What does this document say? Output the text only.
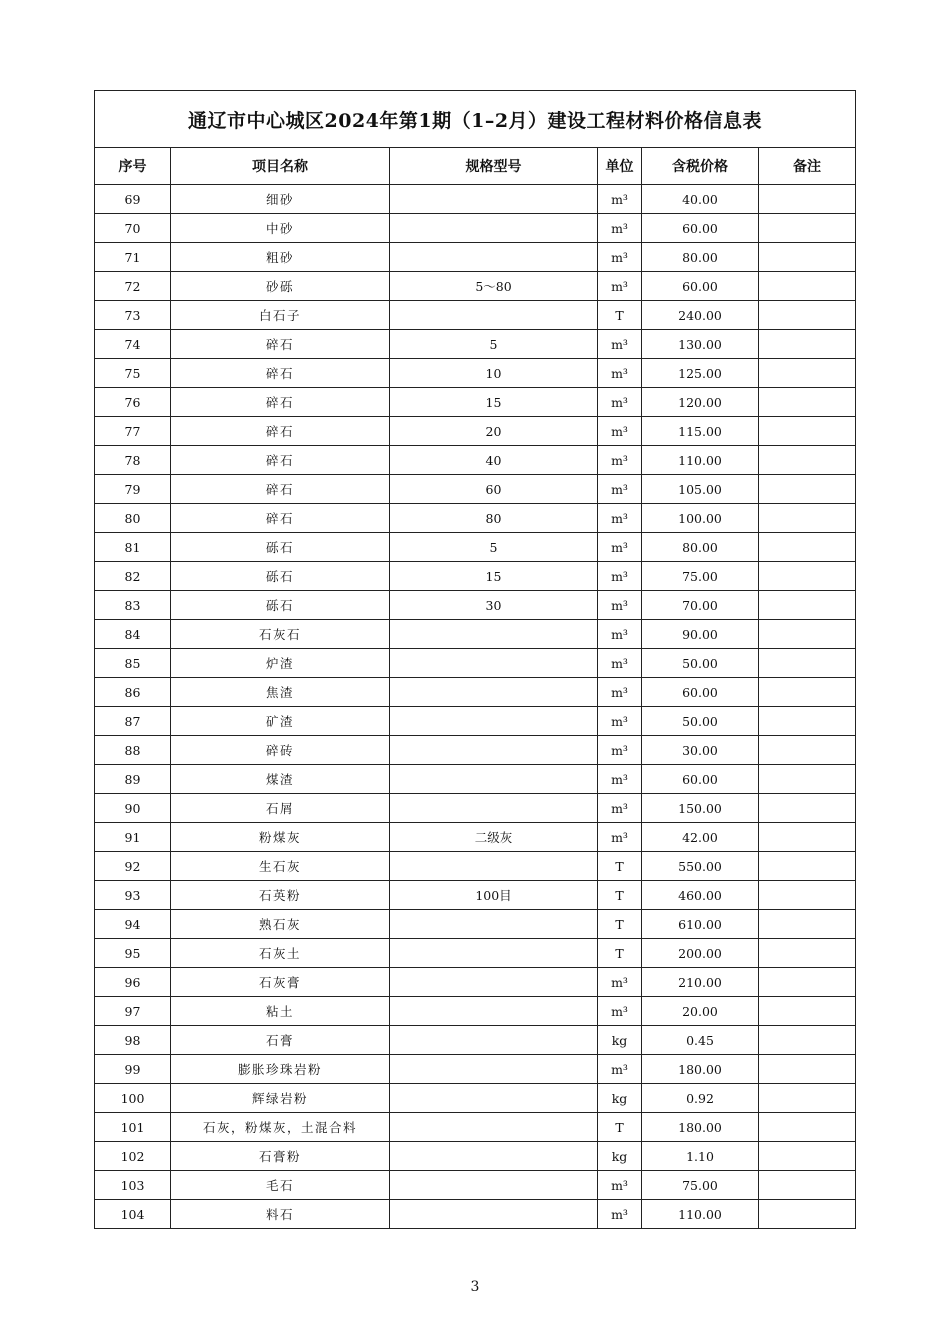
通辽市中心城区2024年第1期（1–2月）建设工程材料价格信息表					
序号	项目名称	规格型号	单位	含税价格	备注
69	细砂		m³	40.00	
70	中砂		m³	60.00	
71	粗砂		m³	80.00	
72	砂砾	5～80	m³	60.00	
73	白石子		T	240.00	
74	碎石	5	m³	130.00	
75	碎石	10	m³	125.00	
76	碎石	15	m³	120.00	
77	碎石	20	m³	115.00	
78	碎石	40	m³	110.00	
79	碎石	60	m³	105.00	
80	碎石	80	m³	100.00	
81	砾石	5	m³	80.00	
82	砾石	15	m³	75.00	
83	砾石	30	m³	70.00	
84	石灰石		m³	90.00	
85	炉渣		m³	50.00	
86	焦渣		m³	60.00	
87	矿渣		m³	50.00	
88	碎砖		m³	30.00	
89	煤渣		m³	60.00	
90	石屑		m³	150.00	
91	粉煤灰	二级灰	m³	42.00	
92	生石灰		T	550.00	
93	石英粉	100目	T	460.00	
94	熟石灰		T	610.00	
95	石灰土		T	200.00	
96	石灰膏		m³	210.00	
97	粘土		m³	20.00	
98	石膏		kg	0.45	
99	膨胀珍珠岩粉		m³	180.00	
100	辉绿岩粉		kg	0.92	
101	石灰，粉煤灰，土混合料		T	180.00	
102	石膏粉		kg	1.10	
103	毛石		m³	75.00	
104	料石		m³	110.00	
3
